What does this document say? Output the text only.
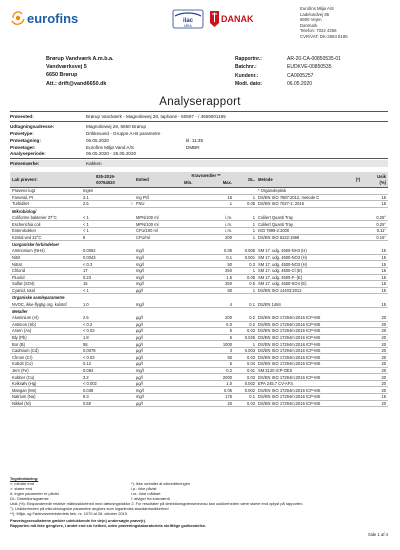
eurofins	ilac
MRA
DANAK
Eurofins Miljø A/S
Ladelundvej 85
6600 Vejen
Danmark
Telefon: 7022 4266
CVR/VAT: DK-2884 8186
Brørup Vandværk A.m.b.a.
Vandværksvej 5
6650 Brørup
Att.: drift@vand6650.dk
Rapportnr.:	AR-20-CA-00850535-01
Batchnr.:	EUDKVE-00850535
Kundenr.:	CA0005257
Modt. dato:	06.05.2020
Analyserapport
Prøvested:	Brørup Vandværk - Magnoliewej 28, taphane - 50597 - / 4559001195
Udtagningsadresse:	Magnoliewej 28, 6650 Brørup
Prøvetype:	Drikkevand - Gruppe A+B parametre
Prøvetagning:	06.05.2020	kl. 11:35
Prøvetager:	Eurofins Miljø Vand A/S	DMBR
Analyseperiode:	06.05.2020 - 25.05.2020
Prøvemærke:	Køkken
Lab prøvenr:
835-2019-
00764020	Enhed
Kravværdier **
Min.	Max.
DL. Metode	(*)
Usik
(%)
Prøvens lugt	Ingen	* Organoleptisk
Farvetal, Pt	2.1	mg Pt/l	15	1 DS/EN ISO 7887:2012, metode C	15
Turbiditet	2.5	! FNU	1	0.05 DS/EN ISO 7027-1: 2016	15
Mikrobiologi
Coliforme bakterier 37°C	< 1	MPN/100 ml	i.m.	1 Colilert Quanti Tray	0.25°
Escherichia coli	< 1	MPN/100 ml	i.m.	1 Colilert Quanti Tray	0.25°
Enterokokker	< 1	CFU/100 ml	i.m.	1 ISO 7899-2:2000	0.11°
Kimtal ved 22°C	8	CFU/ml	200	1 DS/EN ISO 6222:1999	0.15°
Uorganiske forbindelser
Ammonium (NH4)	0.0052	mg/l	0.05	0.005 SM 17. udg. 4500-NH3 (H)	15
Nitrit	0.0043	mg/l	0.1	0.001 SM 17. udg. 4500-NO3 (H)	15
Nitrat	< 0.3	mg/l	50	0.3 SM 17. udg. 4500-NO3 (H)	15
Chlorid	17	mg/l	250	1 SM 17. udg. 4500-Cl (E)	15
Fluorid	0.23	mg/l	1.5	0.05 SM 17. udg. 4500-F- (E)	15
Sulfat (SO4)	15	mg/l	250	0.5 SM 17. udg. 4500-SO4 (E)	15
Cyanid, total	< 1	µg/l	50	1 DS/EN ISO 14403:2012	15
Organiske samleparametre
NVOC, ikke-flygtig org. kulstof	1.0	mg/l	4	0.1 DS/EN 1484	15
Metaller
Aluminium (Al)	2.5	µg/l	200	0.2 DS/EN ISO 17294m:2016 ICP-MS	20
Antimon (Sb)	< 0.2	µg/l	5.0	0.2 DS/EN ISO 17294m:2016 ICP-MS	20
Arsen (As)	< 0.03	µg/l	5	0.03 DS/EN ISO 17294m:2016 ICP-MS	20
Bly (Pb)	1.8	µg/l	5	0.025 DS/EN ISO 17294m:2016 ICP-MS	20
Bor (B)	58	µg/l	1000	1 DS/EN ISO 17294m:2016 ICP-MS	20
Cadmium (Cd)	0.0078	µg/l	3	0.003 DS/EN ISO 17294m:2016 ICP-MS	20
Chrom (Cr)	< 0.03	µg/l	50	0.03 DS/EN ISO 17294m:2016 ICP-MS	20
Kobolt (Co)	0.12	µg/l	5	0.04 DS/EN ISO 17294m:2016 ICP-MS	20
Jern (Fe)	0.084	mg/l	0.2	0.01 SM 3120 ICP-OES	20
Kobber (Cu)	3.2	µg/l	2000	0.03 DS/EN ISO 17294m:2016 ICP-MS	20
Kviksølv (Hg)	< 0.002	µg/l	1.0	0.002 EPA 245.7 CV-AFS	20
Mangan (Mn)	0.038	mg/l	0.05	0.002 DS/EN ISO 17294m:2016 ICP-MS	20
Natrium (Na)	8.3	mg/l	175	0.1 DS/EN ISO 17294m:2016 ICP-MS	15
Nikkel (Ni)	0.50	µg/l	20	0.03 DS/EN ISO 17294m:2016 ICP-MS	20
Tegnforklaring:
<: mindre end	*): ikke omfattet af akkrediteringen
>: større end	i.p.: ikke påvist
#: Ingen parameter er påvist	i.m.: ikke målbart
DL: Detektionsgrænse	!: afviger fra kravværdi
Usik (%): Ekspanderede relative måleusikkerhed med dækningsfaktor 2. For resultater på detektionsgrænseniveau kan usikkerheden være større end oplyst på rapporten.
°): Usikkerheden på mikrobiologiske parametre angives som logaritmisk standardusikkerhed
**): Miljø- og Fødevareministeriets bek. nr. 1070 af 28. oktober 2019
Prøveingsresultaterne gælder udelukkende for de(n) undersøgte prøve(r).
Rapporten må ikke gengives, i andet end sin helhed, uden prøveningslaboratoriets skriftlige godkendelse.
Side 1 af 4
